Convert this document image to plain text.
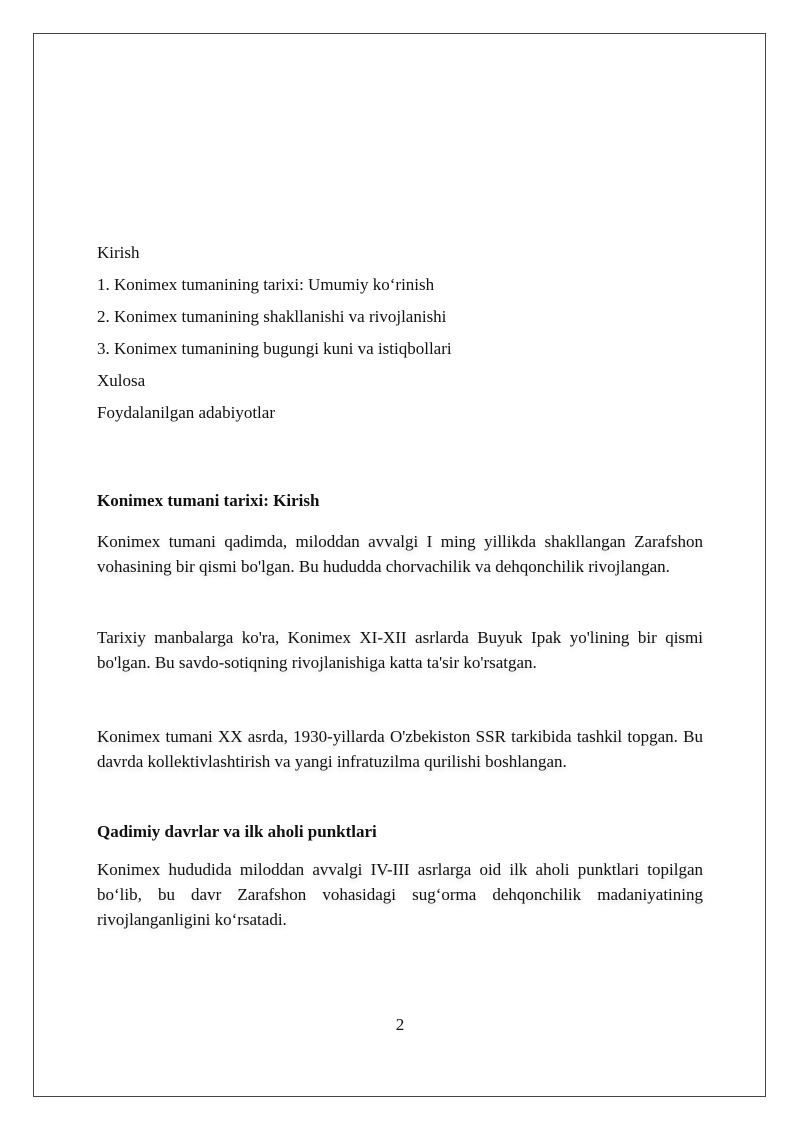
Kirish

1. Konimex tumanining tarixi: Umumiy ko‘rinish

2. Konimex tumanining shakllanishi va rivojlanishi

3. Konimex tumanining bugungi kuni va istiqbollari

Xulosa

Foydalanilgan adabiyotlar

Konimex tumani tarixi: Kirish

Konimex tumani qadimda, miloddan avvalgi I ming yillikda shakllangan Zarafshon vohasining bir qismi bo'lgan. Bu hududda chorvachilik va dehqonchilik rivojlangan.

Tarixiy manbalarga ko'ra, Konimex XI-XII asrlarda Buyuk Ipak yo'lining bir qismi bo'lgan. Bu savdo-sotiqning rivojlanishiga katta ta'sir ko'rsatgan.

Konimex tumani XX asrda, 1930-yillarda O'zbekiston SSR tarkibida tashkil topgan. Bu davrda kollektivlashtirish va yangi infratuzilma qurilishi boshlangan.

Qadimiy davrlar va ilk aholi punktlari

Konimex hududida miloddan avvalgi IV-III asrlarga oid ilk aholi punktlari topilgan bo‘lib, bu davr Zarafshon vohasidagi sug‘orma dehqonchilik madaniyatining rivojlanganligini ko‘rsatadi.

2
